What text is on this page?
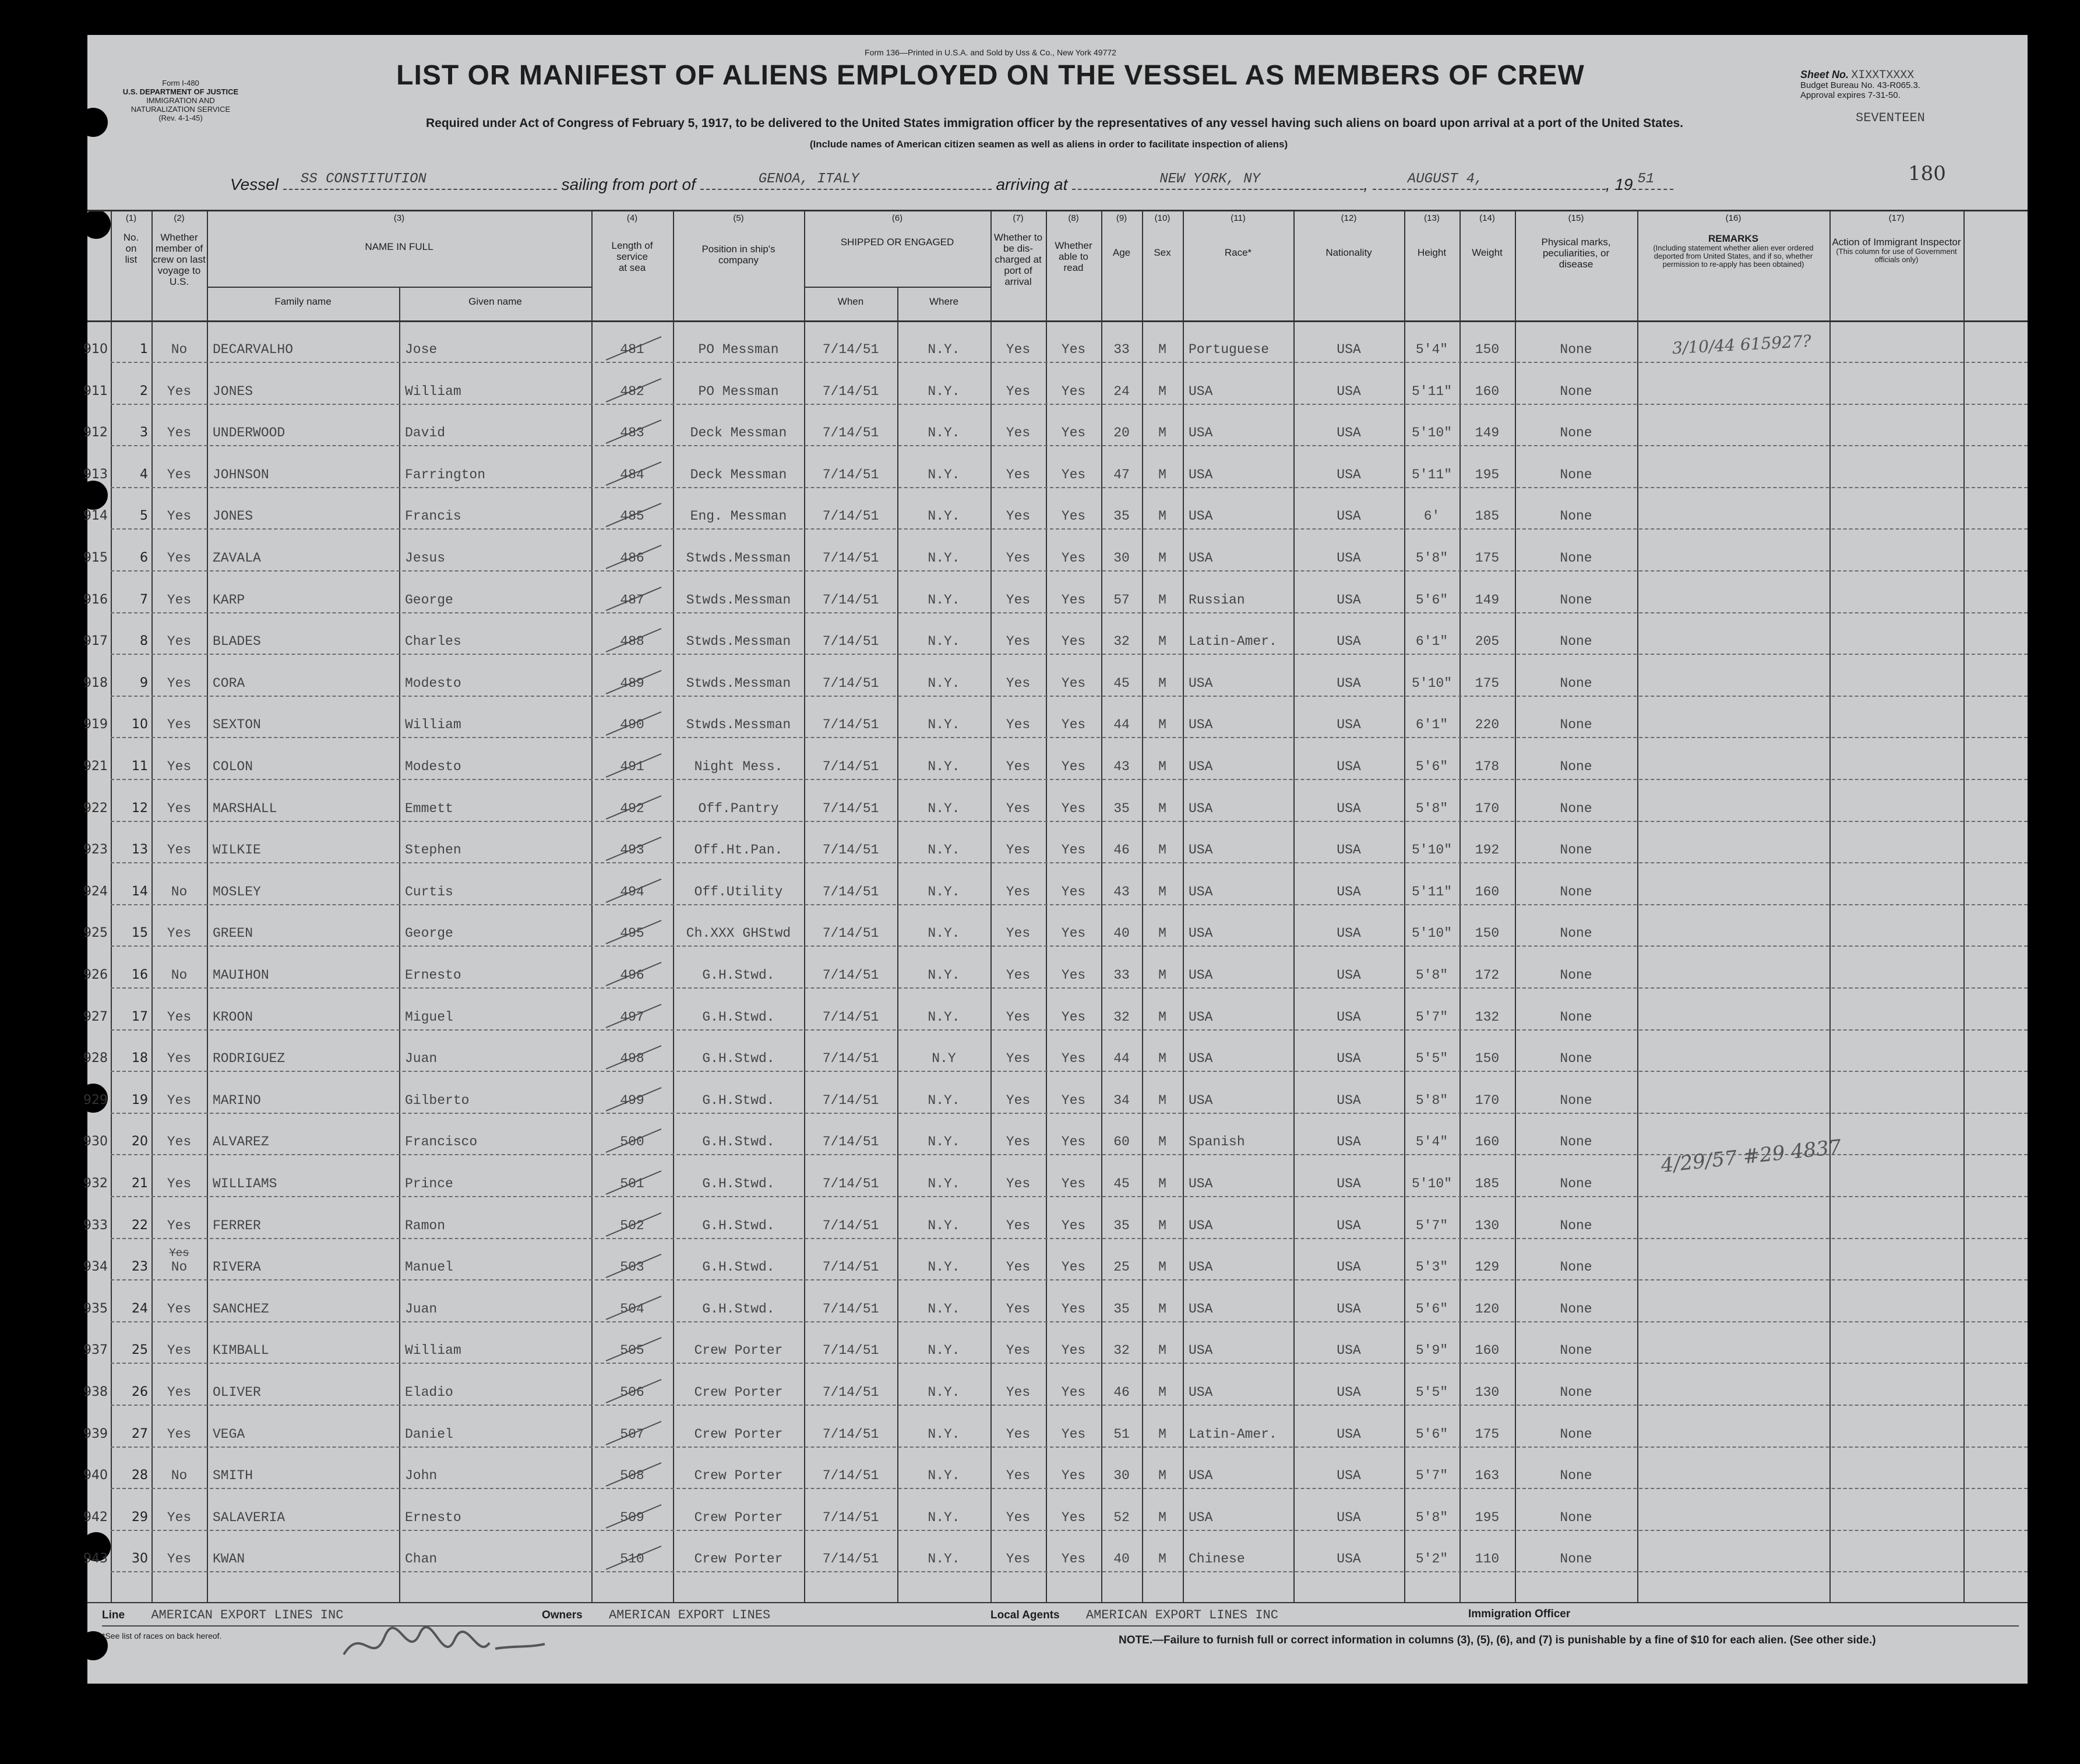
Form I-480
U.S. DEPARTMENT OF JUSTICE
IMMIGRATION AND NATURALIZATION SERVICE
(Rev. 4-1-45)
Form 136—Printed in U.S.A. and Sold by Uss & Co., New York 49772
LIST OR MANIFEST OF ALIENS EMPLOYED ON THE VESSEL AS MEMBERS OF CREW
Required under Act of Congress of February 5, 1917, to be delivered to the United States immigration officer by the representatives of any vessel having such aliens on board upon arrival at a port of the United States.
(Include names of American citizen seamen as well as aliens in order to facilitate inspection of aliens)
Sheet No. XIXXTXXXX
Budget Bureau No. 43-R065.3.
Approval expires 7-31-50.
SEVENTEEN
180
Vessel SS CONSTITUTION	sailing from port of	GENOA, ITALY	arriving at	NEW YORK, NY	,	AUGUST 4,	, 19 51
(1)
No. on list
(2)
Whether member of crew on last voyage to U.S.
(3)
NAME IN FULL
Family name	Given name
(4)
Length of service at sea
(5)
Position in ship's company
(6)
SHIPPED OR ENGAGED
When	Where
(7)
Whether to be dis-charged at port of arrival
(8)
Whether able to read
(9)
Age
(10)
Sex
(11)
Race*
(12)
Nationality
(13)
Height
(14)
Weight
(15)
Physical marks, peculiarities, or disease
(16)
REMARKS
(Including statement whether alien ever ordered deported from United States, and if so, whether permission to re-apply has been obtained)
(17)
Action of Immigrant Inspector
(This column for use of Government officials only)
910	1	No	DECARVALHO	Jose	481	PO Messman	7/14/51	N.Y.	Yes	Yes	33	M	Portuguese	USA	5'4"	150	None
911	2	Yes	JONES	William	482	PO Messman	7/14/51	N.Y.	Yes	Yes	24	M	USA	USA	5'11"	160	None
912	3	Yes	UNDERWOOD	David	483	Deck Messman	7/14/51	N.Y.	Yes	Yes	20	M	USA	USA	5'10"	149	None
913	4	Yes	JOHNSON	Farrington	484	Deck Messman	7/14/51	N.Y.	Yes	Yes	47	M	USA	USA	5'11"	195	None
914	5	Yes	JONES	Francis	485	Eng. Messman	7/14/51	N.Y.	Yes	Yes	35	M	USA	USA	6'	185	None
915	6	Yes	ZAVALA	Jesus	486	Stwds.Messman	7/14/51	N.Y.	Yes	Yes	30	M	USA	USA	5'8"	175	None
916	7	Yes	KARP	George	487	Stwds.Messman	7/14/51	N.Y.	Yes	Yes	57	M	Russian	USA	5'6"	149	None
917	8	Yes	BLADES	Charles	488	Stwds.Messman	7/14/51	N.Y.	Yes	Yes	32	M	Latin-Amer.	USA	6'1"	205	None
918	9	Yes	CORA	Modesto	489	Stwds.Messman	7/14/51	N.Y.	Yes	Yes	45	M	USA	USA	5'10"	175	None
919	10	Yes	SEXTON	William	490	Stwds.Messman	7/14/51	N.Y.	Yes	Yes	44	M	USA	USA	6'1"	220	None
921	11	Yes	COLON	Modesto	491	Night Mess.	7/14/51	N.Y.	Yes	Yes	43	M	USA	USA	5'6"	178	None
922	12	Yes	MARSHALL	Emmett	492	Off.Pantry	7/14/51	N.Y.	Yes	Yes	35	M	USA	USA	5'8"	170	None
923	13	Yes	WILKIE	Stephen	493	Off.Ht.Pan.	7/14/51	N.Y.	Yes	Yes	46	M	USA	USA	5'10"	192	None
924	14	No	MOSLEY	Curtis	494	Off.Utility	7/14/51	N.Y.	Yes	Yes	43	M	USA	USA	5'11"	160	None
925	15	Yes	GREEN	George	495	Ch.XXX GHStwd	7/14/51	N.Y.	Yes	Yes	40	M	USA	USA	5'10"	150	None
926	16	No	MAUIHON	Ernesto	496	G.H.Stwd.	7/14/51	N.Y.	Yes	Yes	33	M	USA	USA	5'8"	172	None
927	17	Yes	KROON	Miguel	497	G.H.Stwd.	7/14/51	N.Y.	Yes	Yes	32	M	USA	USA	5'7"	132	None
928	18	Yes	RODRIGUEZ	Juan	498	G.H.Stwd.	7/14/51	N.Y	Yes	Yes	44	M	USA	USA	5'5"	150	None
929	19	Yes	MARINO	Gilberto	499	G.H.Stwd.	7/14/51	N.Y.	Yes	Yes	34	M	USA	USA	5'8"	170	None
930	20	Yes	ALVAREZ	Francisco	500	G.H.Stwd.	7/14/51	N.Y.	Yes	Yes	60	M	Spanish	USA	5'4"	160	None
932	21	Yes	WILLIAMS	Prince	501	G.H.Stwd.	7/14/51	N.Y.	Yes	Yes	45	M	USA	USA	5'10"	185	None
933	22	Yes	FERRER	Ramon	502	G.H.Stwd.	7/14/51	N.Y.	Yes	Yes	35	M	USA	USA	5'7"	130	None
934	23	No	RIVERA	Manuel	503	G.H.Stwd.	7/14/51	N.Y.	Yes	Yes	25	M	USA	USA	5'3"	129	None
Yes
935	24	Yes	SANCHEZ	Juan	504	G.H.Stwd.	7/14/51	N.Y.	Yes	Yes	35	M	USA	USA	5'6"	120	None
937	25	Yes	KIMBALL	William	505	Crew Porter	7/14/51	N.Y.	Yes	Yes	32	M	USA	USA	5'9"	160	None
938	26	Yes	OLIVER	Eladio	506	Crew Porter	7/14/51	N.Y.	Yes	Yes	46	M	USA	USA	5'5"	130	None
939	27	Yes	VEGA	Daniel	507	Crew Porter	7/14/51	N.Y.	Yes	Yes	51	M	Latin-Amer.	USA	5'6"	175	None
940	28	No	SMITH	John	508	Crew Porter	7/14/51	N.Y.	Yes	Yes	30	M	USA	USA	5'7"	163	None
942	29	Yes	SALAVERIA	Ernesto	509	Crew Porter	7/14/51	N.Y.	Yes	Yes	52	M	USA	USA	5'8"	195	None
943	30	Yes	KWAN	Chan	510	Crew Porter	7/14/51	N.Y.	Yes	Yes	40	M	Chinese	USA	5'2"	110	None
3/10/44 615927?
4/29/57 #29 4837
Line AMERICAN EXPORT LINES INC	Owners AMERICAN EXPORT LINES	Local Agents AMERICAN EXPORT LINES INC	Immigration Officer
*See list of races on back hereof.	NOTE.—Failure to furnish full or correct information in columns (3), (5), (6), and (7) is punishable by a fine of $10 for each alien. (See other side.)
